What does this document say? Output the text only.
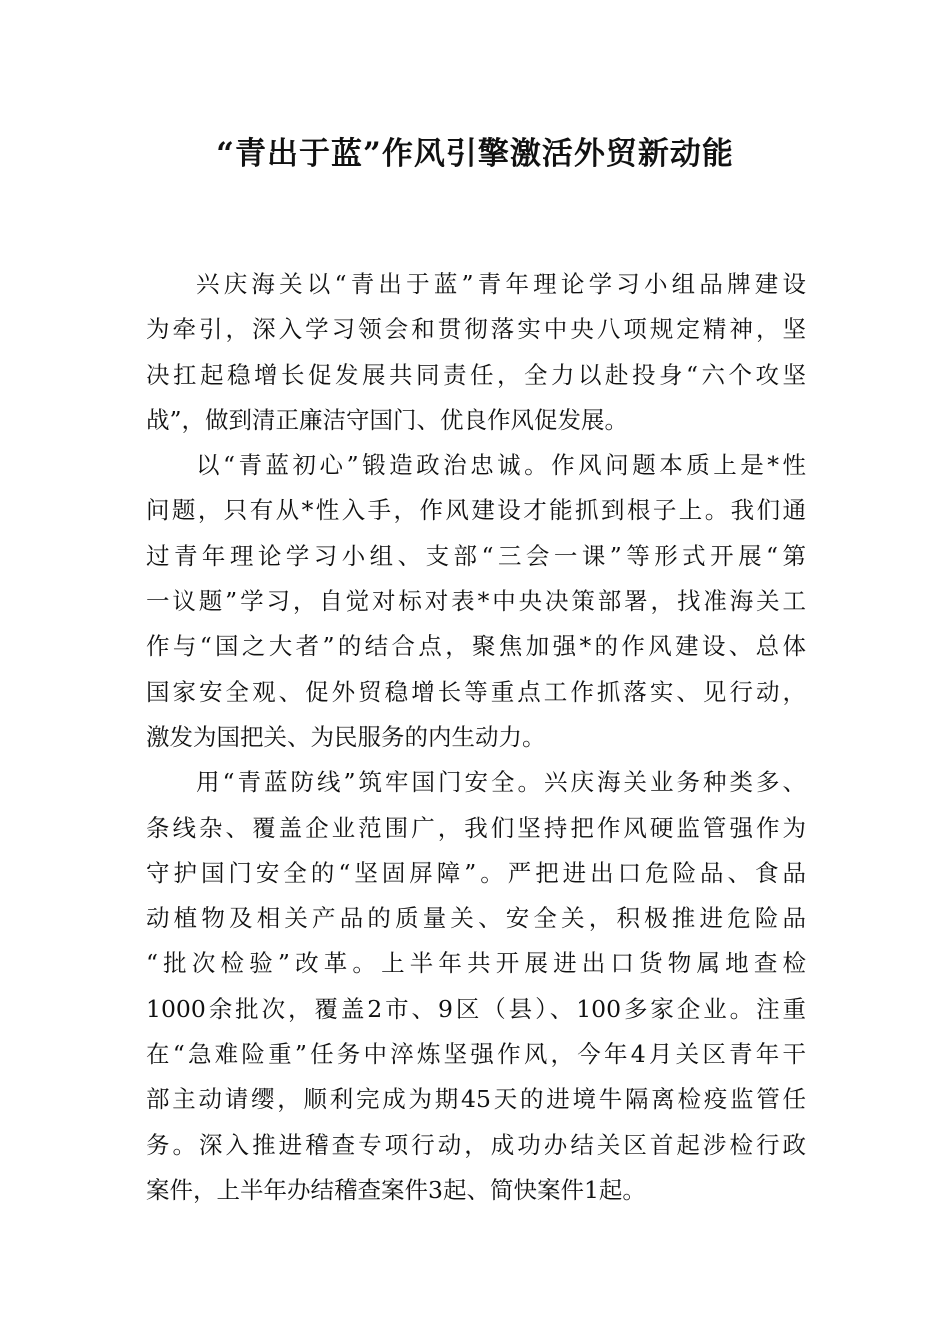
“青出于蓝”作风引擎激活外贸新动能
兴庆海关以“青出于蓝”青年理论学习小组品牌建设
为牵引，深入学习领会和贯彻落实中央八项规定精神，坚
决扛起稳增长促发展共同责任，全力以赴投身“六个攻坚
战”，做到清正廉洁守国门、优良作风促发展。
以“青蓝初心”锻造政治忠诚。作风问题本质上是*性
问题，只有从*性入手，作风建设才能抓到根子上。我们通
过青年理论学习小组、支部“三会一课”等形式开展“第
一议题”学习，自觉对标对表*中央决策部署，找准海关工
作与“国之大者”的结合点，聚焦加强*的作风建设、总体
国家安全观、促外贸稳增长等重点工作抓落实、见行动，
激发为国把关、为民服务的内生动力。
用“青蓝防线”筑牢国门安全。兴庆海关业务种类多、
条线杂、覆盖企业范围广，我们坚持把作风硬监管强作为
守护国门安全的“坚固屏障”。严把进出口危险品、食品
动植物及相关产品的质量关、安全关，积极推进危险品
“批次检验”改革。上半年共开展进出口货物属地查检
1000余批次，覆盖2市、9区（县）、100多家企业。注重
在“急难险重”任务中淬炼坚强作风，今年4月关区青年干
部主动请缨，顺利完成为期45天的进境牛隔离检疫监管任
务。深入推进稽查专项行动，成功办结关区首起涉检行政
案件，上半年办结稽查案件3起、简快案件1起。
